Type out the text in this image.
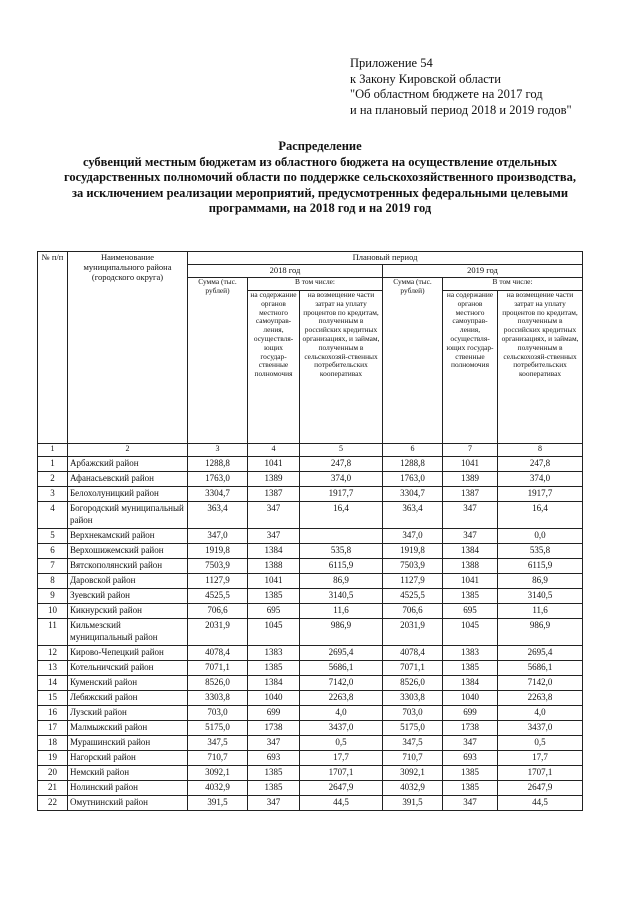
Приложение 54
к Закону Кировской области
"Об областном бюджете на 2017 год
и на плановый период 2018 и 2019 годов"
Распределение
субвенций местным бюджетам из областного бюджета на осуществление отдельных
государственных полномочий области по поддержке сельскохозяйственного производства,
за исключением реализации мероприятий, предусмотренных федеральными целевыми
программами, на 2018 год и на 2019 год
№ п/п	Наименование муниципального района (городского округа)	Плановый период					
		2018 год			2019 год		
		Сумма (тыс. рублей)	В том числе:		Сумма (тыс. рублей)	В том числе:	
			на содержание органов местного самоуправ-ления, осуществля-ющих государ-ственные полномочия	на возмещение части затрат на уплату процентов по кредитам, полученным в российских кредитных организациях, и займам, полученным в сельскохозяй-ственных потребительских кооперативах		на содержание органов местного самоуправ-ления, осуществля-ющих государ-ственные полномочия	на возмещение части затрат на уплату процентов по кредитам, полученным в российских кредитных организациях, и займам, полученным в сельскохозяй-ственных потребительских кооперативах
1	2	3	4	5	6	7	8
1	Арбажский район	1288,8	1041	247,8	1288,8	1041	247,8
2	Афанасьевский район	1763,0	1389	374,0	1763,0	1389	374,0
3	Белохолуницкий район	3304,7	1387	1917,7	3304,7	1387	1917,7
4	Богородский муниципальный район	363,4	347	16,4	363,4	347	16,4
5	Верхнекамский район	347,0	347		347,0	347	0,0
6	Верхошижемский район	1919,8	1384	535,8	1919,8	1384	535,8
7	Вятскополянский район	7503,9	1388	6115,9	7503,9	1388	6115,9
8	Даровской район	1127,9	1041	86,9	1127,9	1041	86,9
9	Зуевский район	4525,5	1385	3140,5	4525,5	1385	3140,5
10	Кикнурский район	706,6	695	11,6	706,6	695	11,6
11	Кильмезский муниципальный район	2031,9	1045	986,9	2031,9	1045	986,9
12	Кирово-Чепецкий район	4078,4	1383	2695,4	4078,4	1383	2695,4
13	Котельничский район	7071,1	1385	5686,1	7071,1	1385	5686,1
14	Куменский район	8526,0	1384	7142,0	8526,0	1384	7142,0
15	Лебяжский район	3303,8	1040	2263,8	3303,8	1040	2263,8
16	Лузский район	703,0	699	4,0	703,0	699	4,0
17	Малмыжский район	5175,0	1738	3437,0	5175,0	1738	3437,0
18	Мурашинский район	347,5	347	0,5	347,5	347	0,5
19	Нагорский район	710,7	693	17,7	710,7	693	17,7
20	Немский район	3092,1	1385	1707,1	3092,1	1385	1707,1
21	Нолинский район	4032,9	1385	2647,9	4032,9	1385	2647,9
22	Омутнинский район	391,5	347	44,5	391,5	347	44,5
